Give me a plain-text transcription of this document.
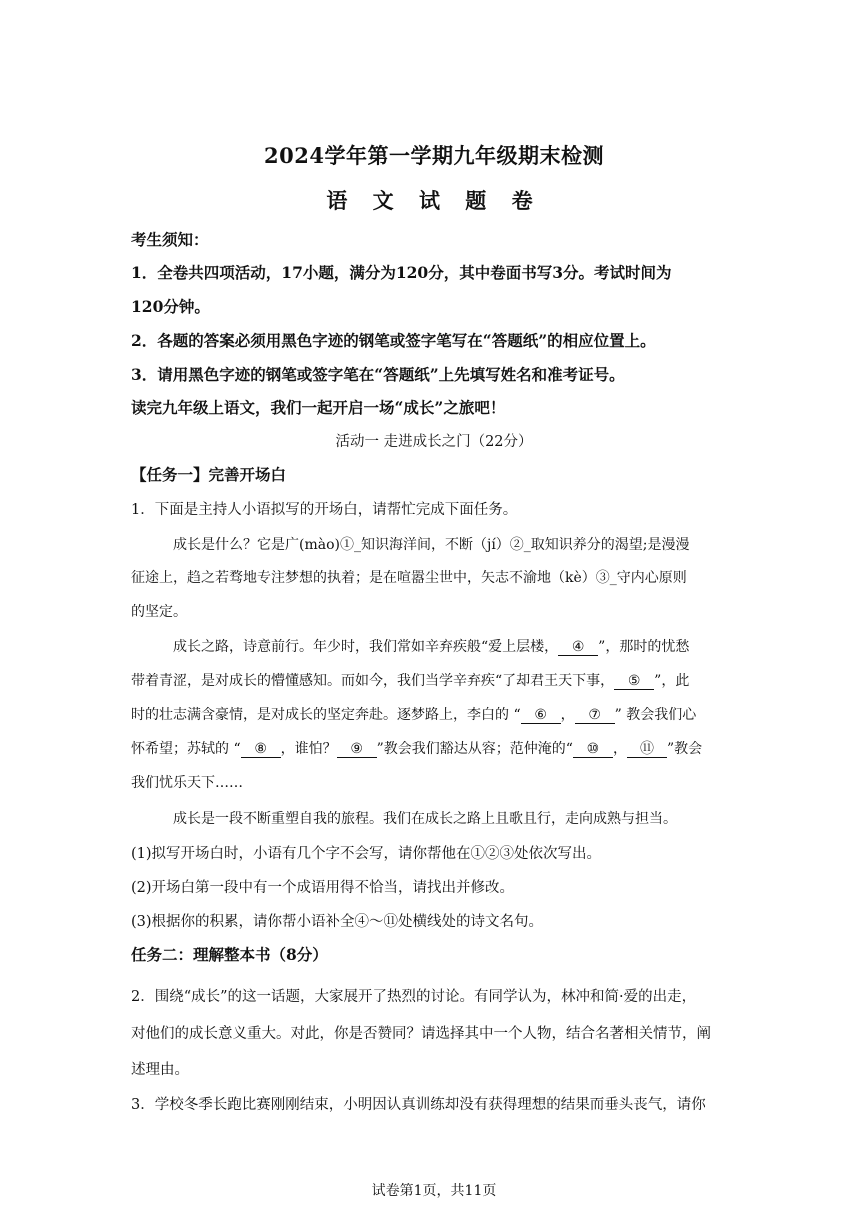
2024学年第一学期九年级期末检测
语 文 试 题 卷
考生须知：
1．全卷共四项活动，17小题，满分为120分，其中卷面书写3分。考试时间为
120分钟。
2．各题的答案必须用黑色字迹的钢笔或签字笔写在“答题纸”的相应位置上。
3．请用黑色字迹的钢笔或签字笔在“答题纸”上先填写姓名和准考证号。
读完九年级上语文，我们一起开启一场“成长”之旅吧！
活动一 走进成长之门（22分）
【任务一】完善开场白
1．下面是主持人小语拟写的开场白，请帮忙完成下面任务。
成长是什么？它是广(mào)①_知识海洋间，不断（jí）②_取知识养分的渴望;是漫漫
征途上，趋之若骛地专注梦想的执着；是在喧嚣尘世中，矢志不渝地（kè）③_守内心原则
的坚定。
成长之路，诗意前行。年少时，我们常如辛弃疾般“爱上层楼， ④ ”，那时的忧愁
带着青涩，是对成长的懵懂感知。而如今，我们当学辛弃疾“了却君王天下事， ⑤ ”，此
时的壮志满含豪情，是对成长的坚定奔赴。逐梦路上，李白的 “ ⑥ ， ⑦ ” 教会我们心
怀希望；苏轼的 “ ⑧ ，谁怕？ ⑨ ”教会我们豁达从容；范仲淹的“ ⑩ ， ⑪ ”教会
我们忧乐天下……
成长是一段不断重塑自我的旅程。我们在成长之路上且歌且行，走向成熟与担当。
(1)拟写开场白时，小语有几个字不会写，请你帮他在①②③处依次写出。
(2)开场白第一段中有一个成语用得不恰当，请找出并修改。
(3)根据你的积累，请你帮小语补全④～⑪处横线处的诗文名句。
任务二：理解整本书（8分）
2．围绕“成长”的这一话题，大家展开了热烈的讨论。有同学认为，林冲和简·爱的出走，
对他们的成长意义重大。对此，你是否赞同？请选择其中一个人物，结合名著相关情节，阐
述理由。
3．学校冬季长跑比赛刚刚结束，小明因认真训练却没有获得理想的结果而垂头丧气，请你
试卷第1页，共11页
